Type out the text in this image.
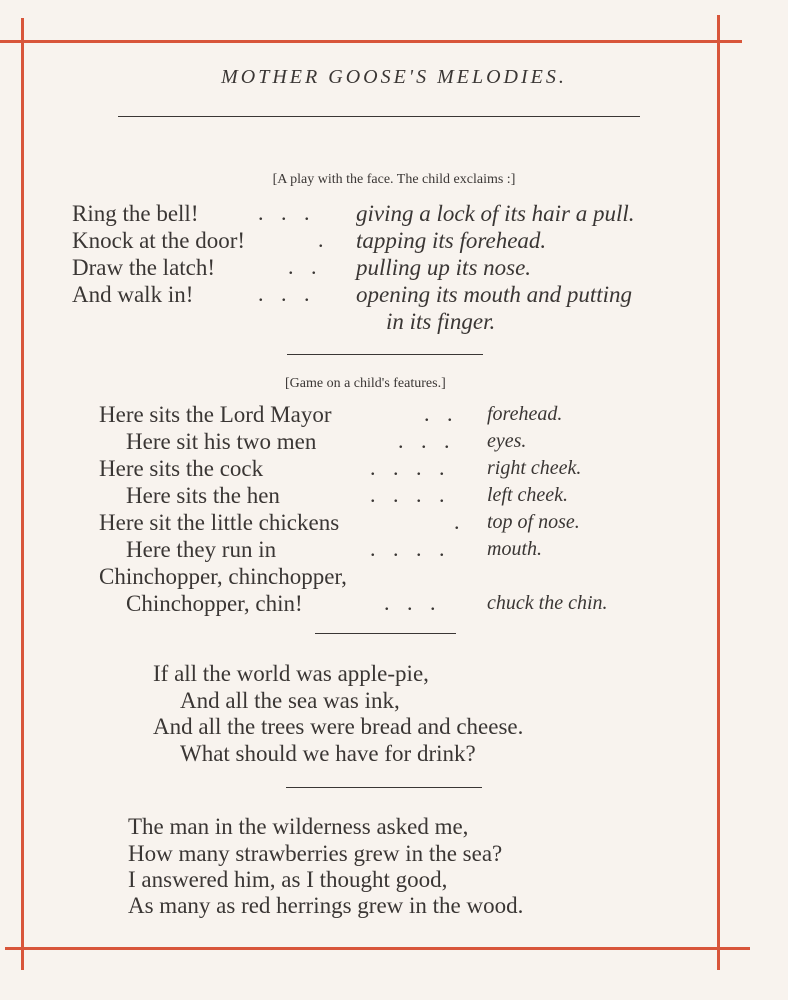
MOTHER GOOSE'S MELODIES.
[A play with the face. The child exclaims :]
Ring the bell!	. . . giving a lock of its hair a pull.
Knock at the door!	. tapping its forehead.
Draw the latch!	. . pulling up its nose.
And walk in!	. . . opening its mouth and putting
in its finger.
[Game on a child's features.]
Here sits the Lord Mayor	. . forehead.
Here sit his two men	. . . eyes.
Here sits the cock	. . . . right cheek.
Here sits the hen	. . . . left cheek.
Here sit the little chickens	. top of nose.
Here they run in	. . . . mouth.
Chinchopper, chinchopper,
Chinchopper, chin!	. . . chuck the chin.
If all the world was apple-pie,
And all the sea was ink,
And all the trees were bread and cheese.
What should we have for drink?
The man in the wilderness asked me,
How many strawberries grew in the sea?
I answered him, as I thought good,
As many as red herrings grew in the wood.
